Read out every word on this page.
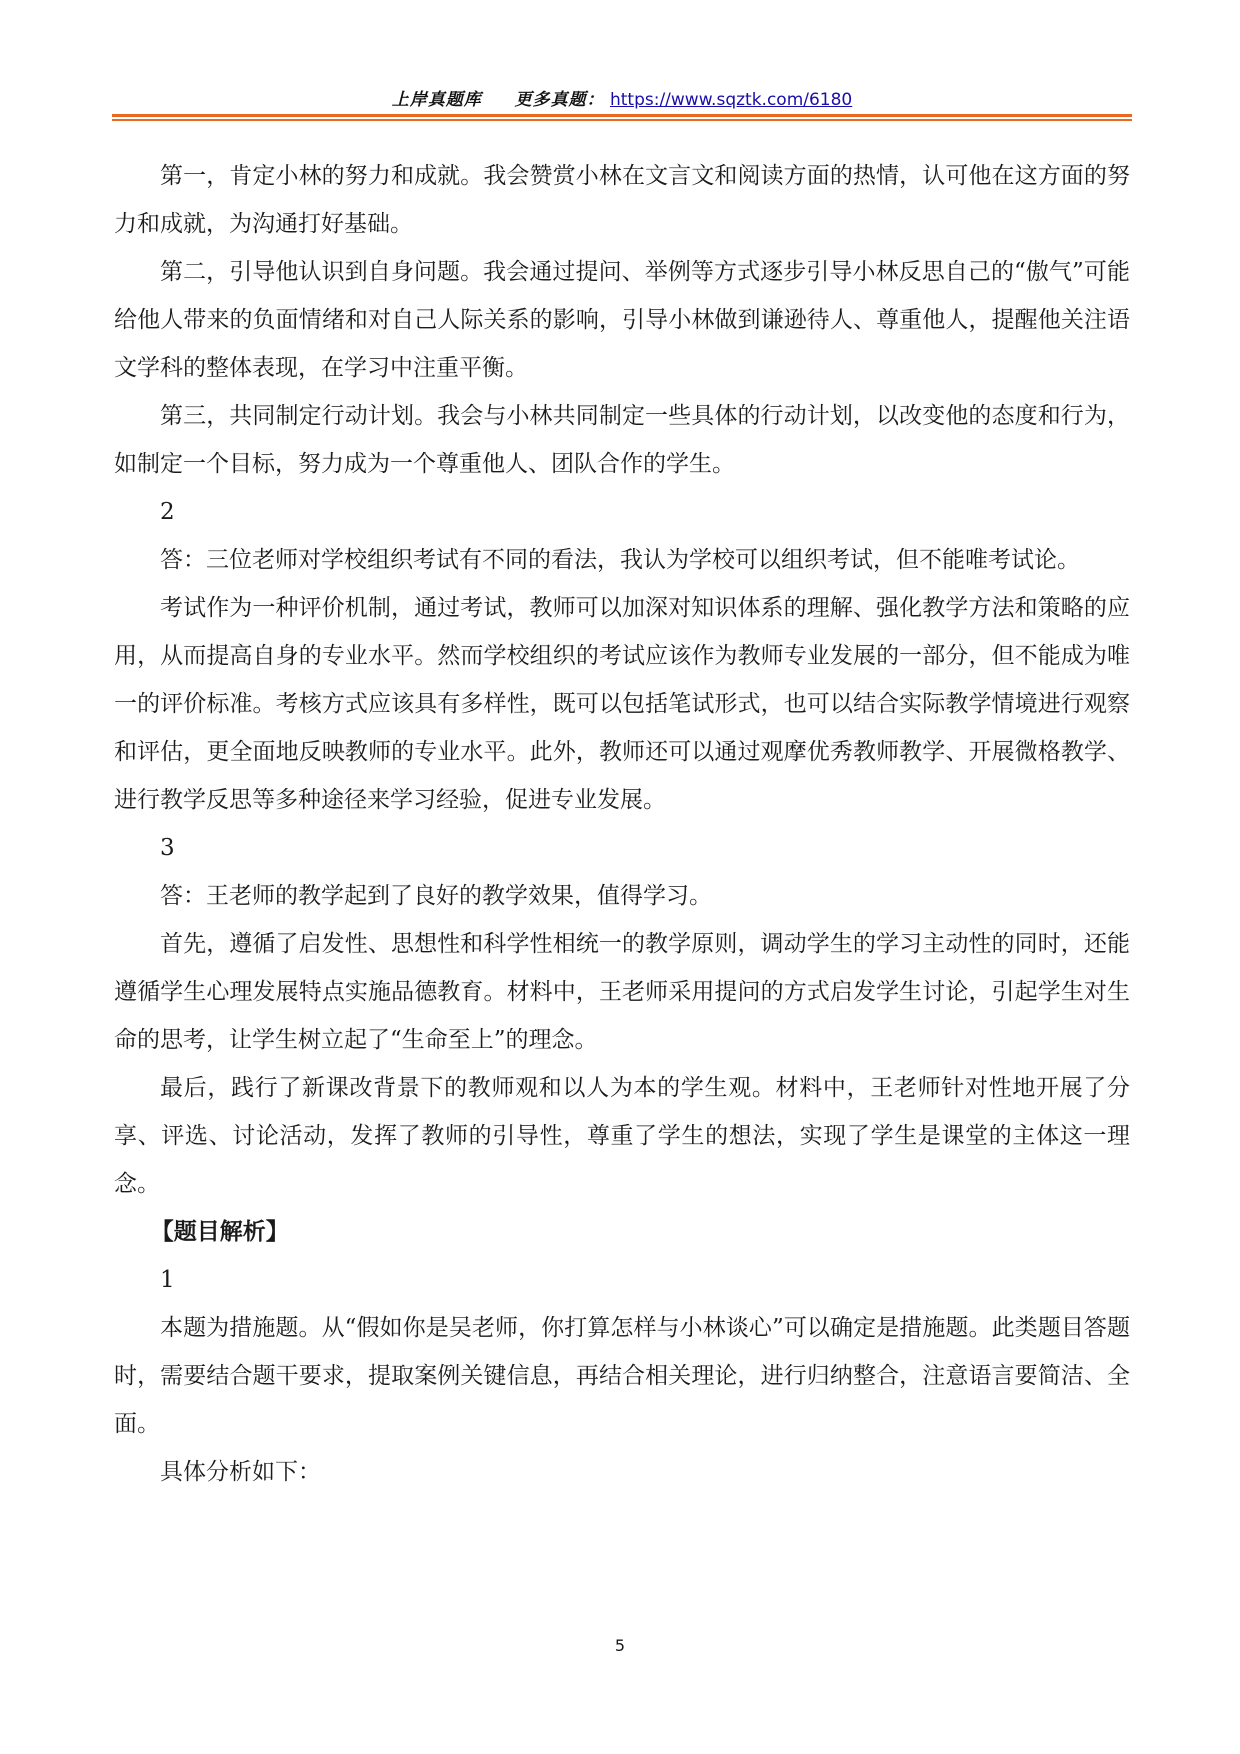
上岸真题库 更多真题： https://www.sqztk.com/6180

第一，肯定小林的努力和成就。我会赞赏小林在文言文和阅读方面的热情，认可他在这方面的努力和成就，为沟通打好基础。

第二，引导他认识到自身问题。我会通过提问、举例等方式逐步引导小林反思自己的“傲气”可能给他人带来的负面情绪和对自己人际关系的影响，引导小林做到谦逊待人、尊重他人，提醒他关注语文学科的整体表现，在学习中注重平衡。

第三，共同制定行动计划。我会与小林共同制定一些具体的行动计划，以改变他的态度和行为，如制定一个目标，努力成为一个尊重他人、团队合作的学生。

2

答：三位老师对学校组织考试有不同的看法，我认为学校可以组织考试，但不能唯考试论。

考试作为一种评价机制，通过考试，教师可以加深对知识体系的理解、强化教学方法和策略的应用，从而提高自身的专业水平。然而学校组织的考试应该作为教师专业发展的一部分，但不能成为唯一的评价标准。考核方式应该具有多样性，既可以包括笔试形式，也可以结合实际教学情境进行观察和评估，更全面地反映教师的专业水平。此外，教师还可以通过观摩优秀教师教学、开展微格教学、进行教学反思等多种途径来学习经验，促进专业发展。

3

答：王老师的教学起到了良好的教学效果，值得学习。

首先，遵循了启发性、思想性和科学性相统一的教学原则，调动学生的学习主动性的同时，还能遵循学生心理发展特点实施品德教育。材料中，王老师采用提问的方式启发学生讨论，引起学生对生命的思考，让学生树立起了“生命至上”的理念。

最后，践行了新课改背景下的教师观和以人为本的学生观。材料中，王老师针对性地开展了分享、评选、讨论活动，发挥了教师的引导性，尊重了学生的想法，实现了学生是课堂的主体这一理念。

【题目解析】

1

本题为措施题。从“假如你是吴老师，你打算怎样与小林谈心”可以确定是措施题。此类题目答题时，需要结合题干要求，提取案例关键信息，再结合相关理论，进行归纳整合，注意语言要简洁、全面。

具体分析如下：

5
